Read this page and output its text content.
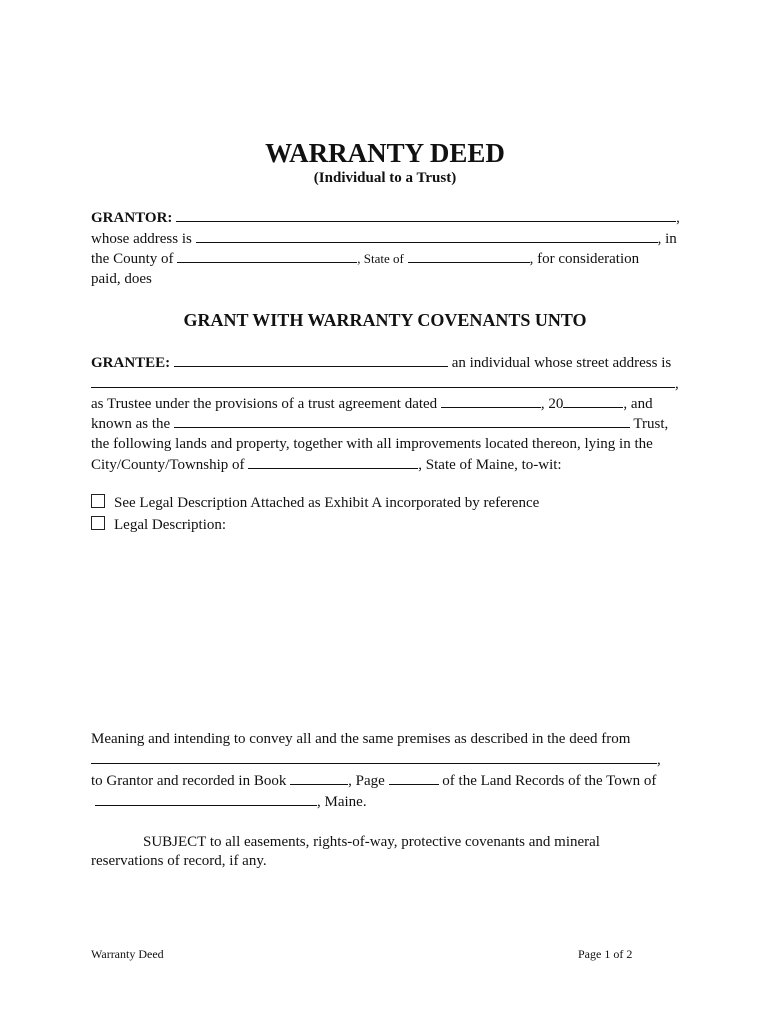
WARRANTY DEED
(Individual to a Trust)
GRANTOR:	,
whose address is	, in
the County of	, State of	, for consideration
paid, does
GRANT WITH WARRANTY COVENANTS UNTO
GRANTEE:	an individual whose street address is
,
as Trustee under the provisions of a trust agreement dated	, 20	, and
known as the	Trust,
the following lands and property, together with all improvements located thereon, lying in the
City/County/Township of	, State of Maine, to-wit:
See Legal Description Attached as Exhibit A incorporated by reference
Legal Description:
Meaning and intending to convey all and the same premises as described in the deed from
,
to Grantor and recorded in Book	, Page	of the Land Records of the Town of
, Maine.
SUBJECT to all easements, rights-of-way, protective covenants and mineral
reservations of record, if any.
Warranty Deed	Page 1 of 2
